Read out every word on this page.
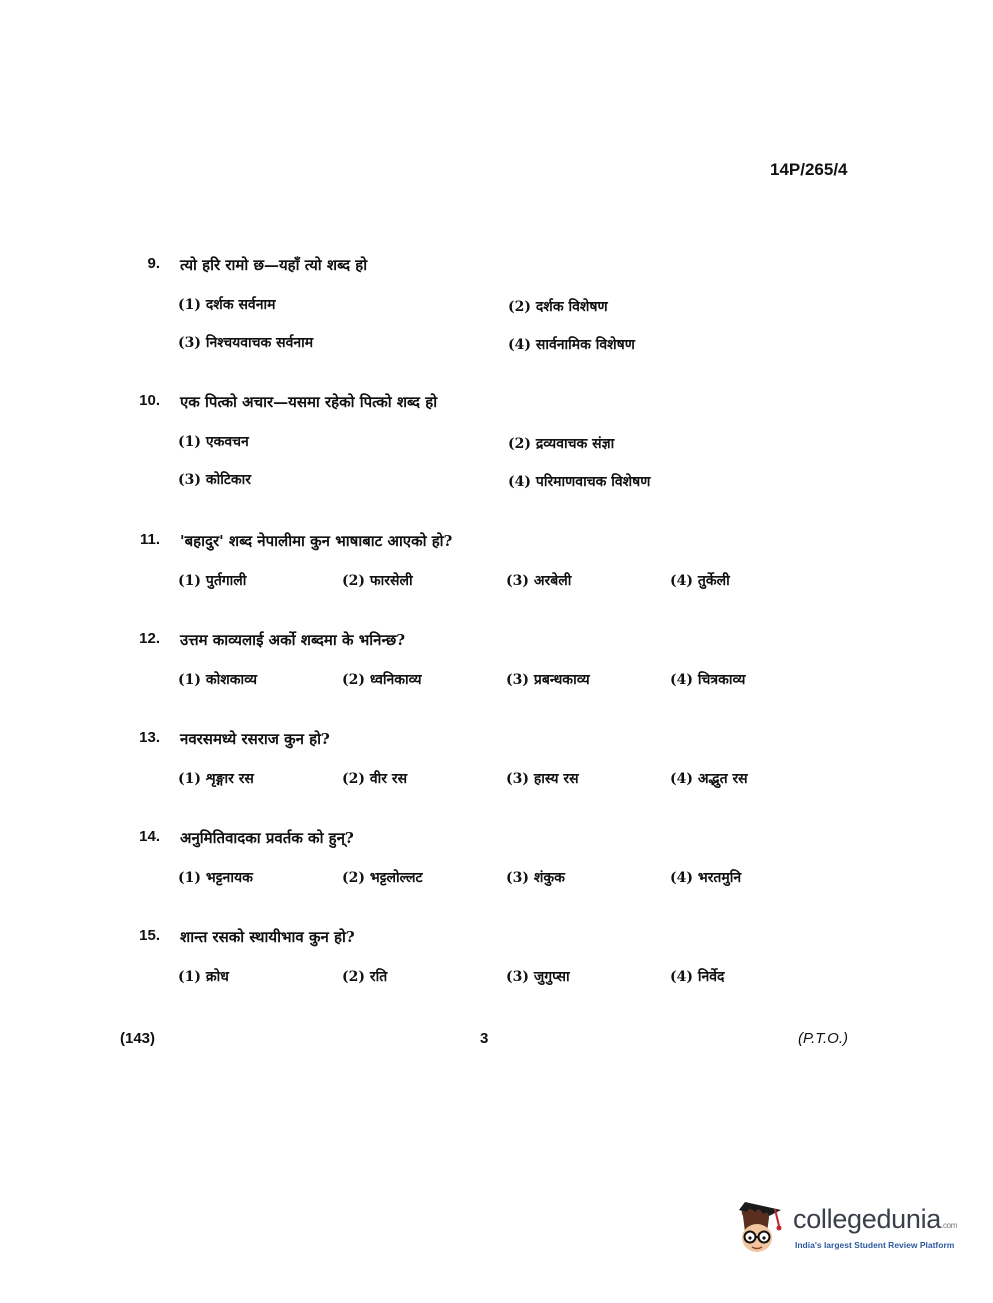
14P/265/4
9. त्यो हरि रामो छ—यहाँ त्यो शब्द हो
(1) दर्शक सर्वनाम	(2) दर्शक विशेषण
(3) निश्चयवाचक सर्वनाम	(4) सार्वनामिक विशेषण
10. एक पित्को अचार—यसमा रहेको पित्को शब्द हो
(1) एकवचन	(2) द्रव्यवाचक संज्ञा
(3) कोटिकार	(4) परिमाणवाचक विशेषण
11. 'बहादुर' शब्द नेपालीमा कुन भाषाबाट आएको हो?
(1) पुर्तगाली	(2) फारसेली	(3) अरबेली	(4) तुर्केली
12. उत्तम काव्यलाई अर्को शब्दमा के भनिन्छ?
(1) कोशकाव्य	(2) ध्वनिकाव्य	(3) प्रबन्धकाव्य	(4) चित्रकाव्य
13. नवरसमध्ये रसराज कुन हो?
(1) शृङ्गार रस	(2) वीर रस	(3) हास्य रस	(4) अद्भुत रस
14. अनुमितिवादका प्रवर्तक को हुन्?
(1) भट्टनायक	(2) भट्टलोल्लट	(3) शंकुक	(4) भरतमुनि
15. शान्त रसको स्थायीभाव कुन हो?
(1) क्रोध	(2) रति	(3) जुगुप्सा	(4) निर्वेद
(143)	3	(P.T.O.)
collegedunia.com
India's largest Student Review Platform
